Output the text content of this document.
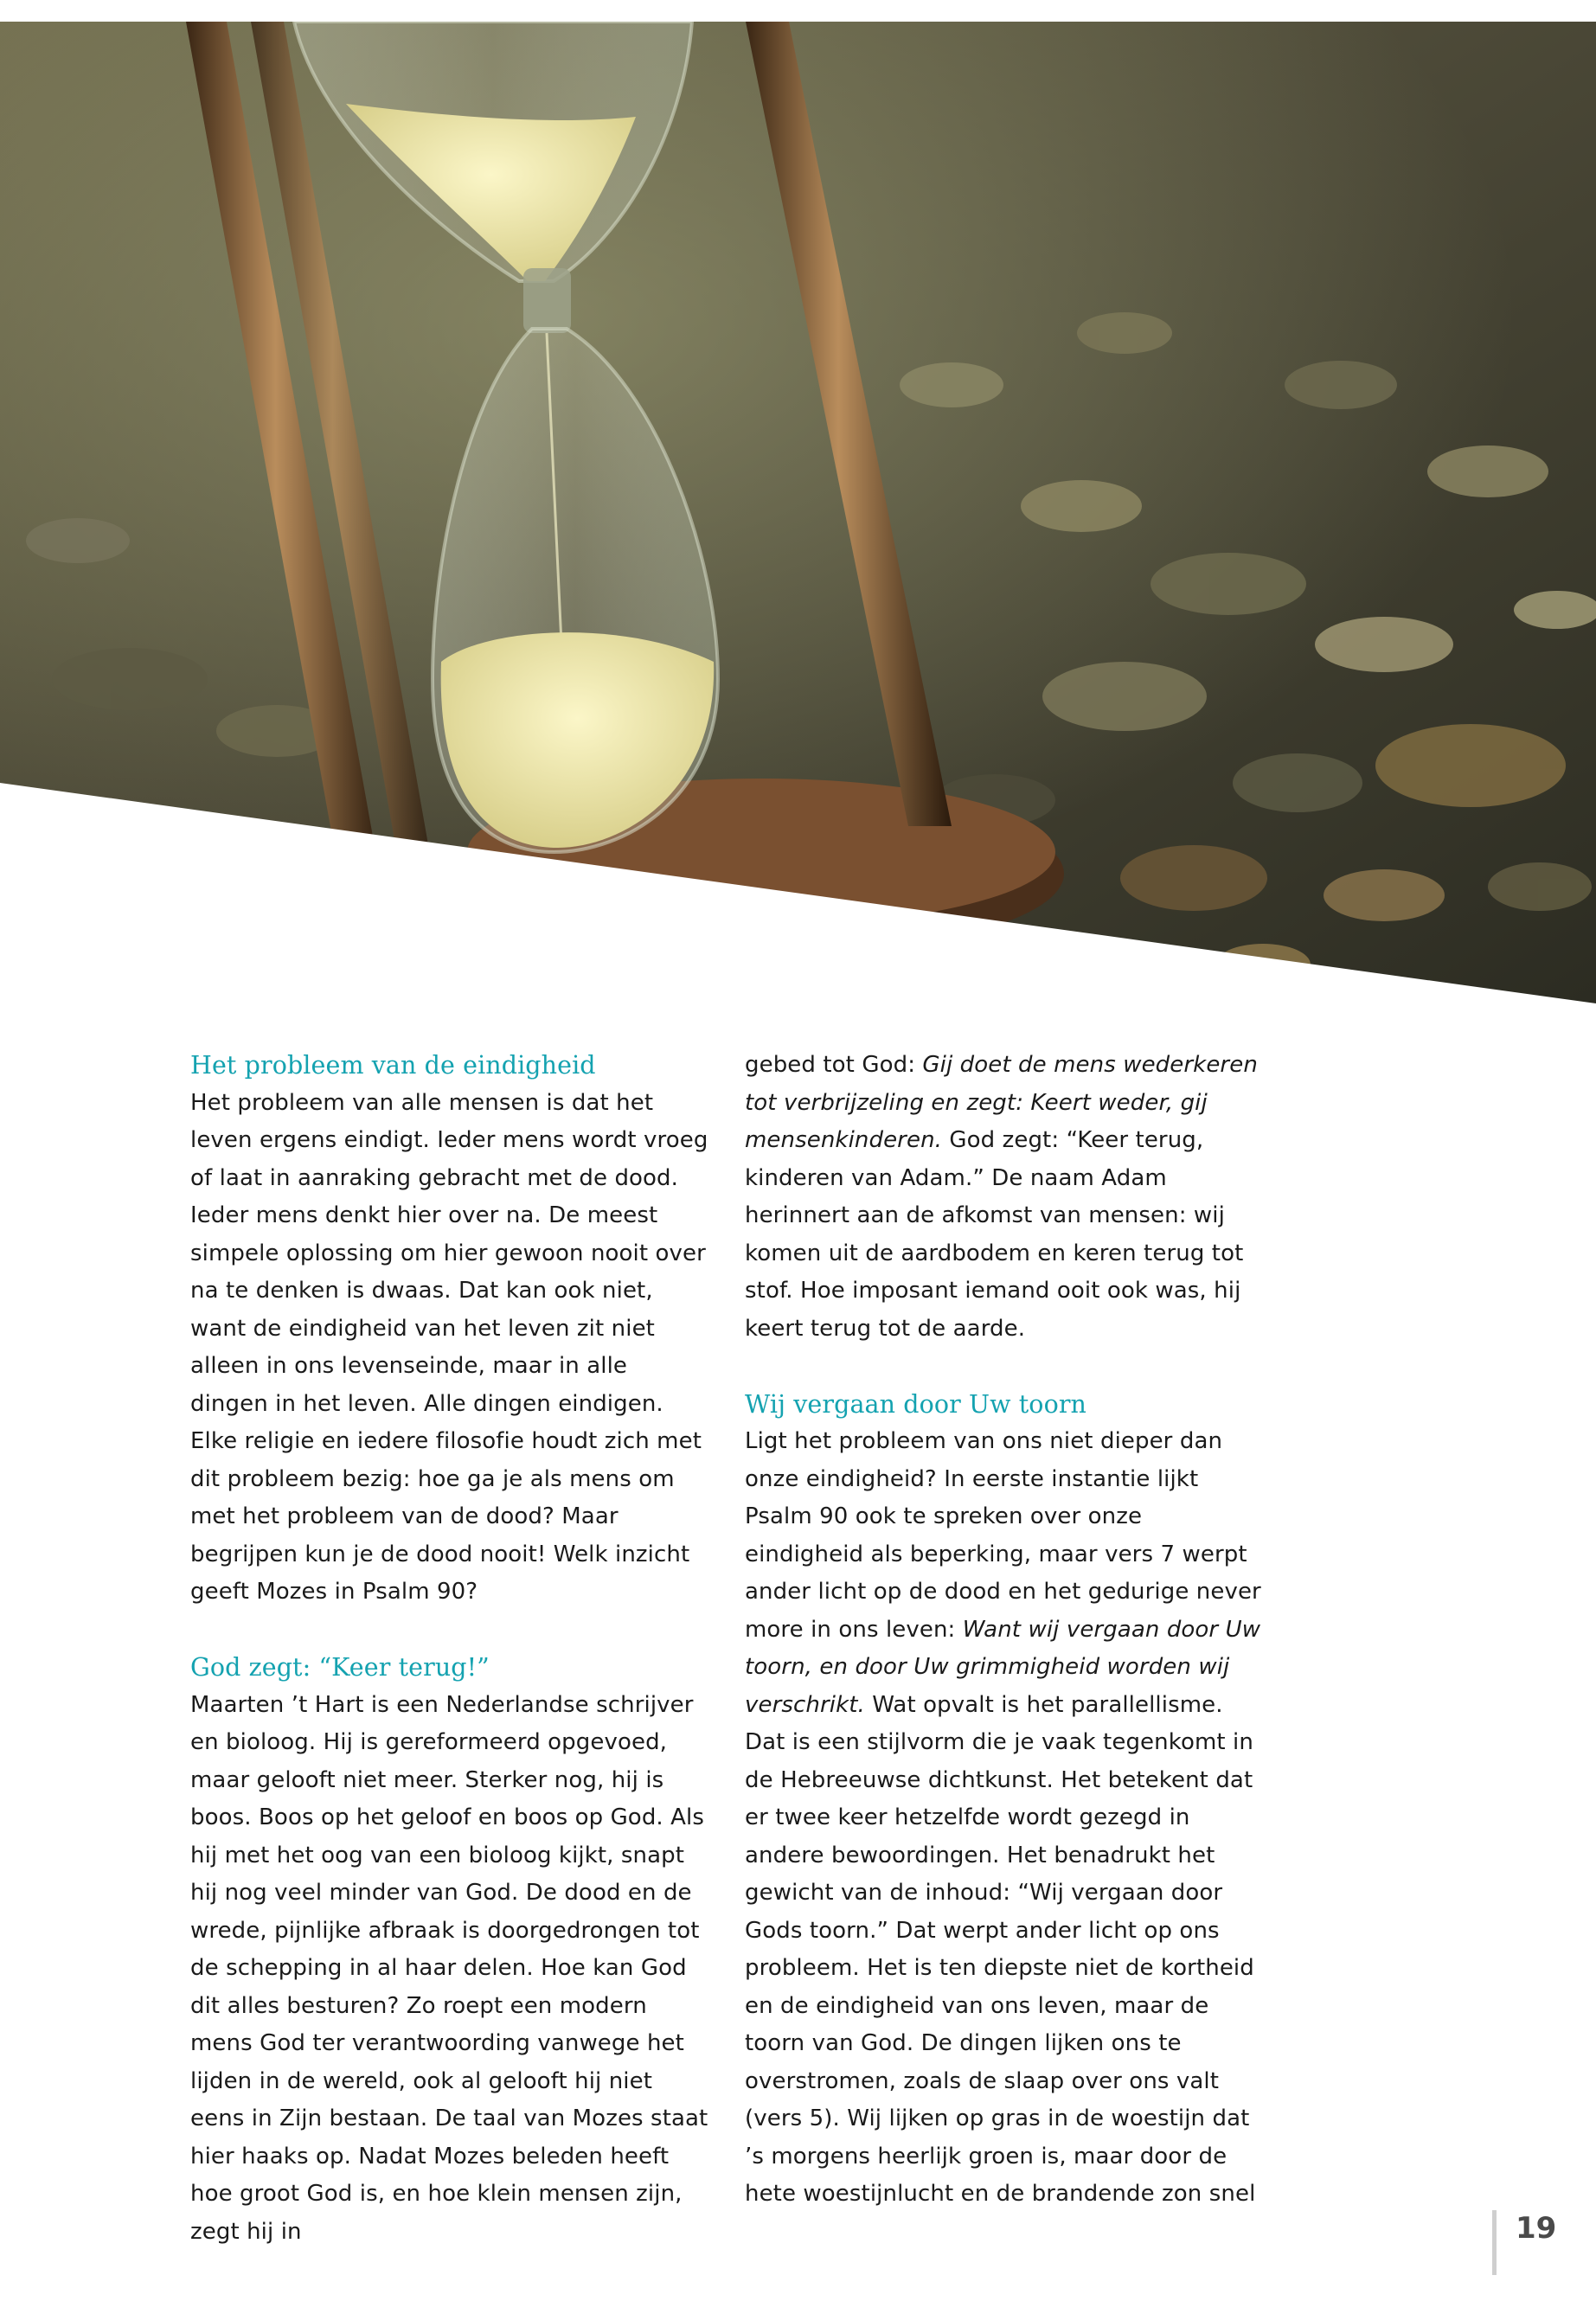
Het probleem van de eindigheid

Het probleem van alle mensen is dat het leven ergens eindigt. Ieder mens wordt vroeg of laat in aanraking gebracht met de dood. Ieder mens denkt hier over na. De meest simpele oplossing om hier gewoon nooit over na te denken is dwaas. Dat kan ook niet, want de eindigheid van het leven zit niet alleen in ons levenseinde, maar in alle dingen in het leven. Alle dingen eindigen. Elke religie en iedere filosofie houdt zich met dit probleem bezig: hoe ga je als mens om met het probleem van de dood? Maar begrijpen kun je de dood nooit! Welk inzicht geeft Mozes in Psalm 90?

God zegt: “Keer terug!”

Maarten ’t Hart is een Nederlandse schrijver en bioloog. Hij is gereformeerd opgevoed, maar gelooft niet meer. Sterker nog, hij is boos. Boos op het geloof en boos op God. Als hij met het oog van een bioloog kijkt, snapt hij nog veel minder van God. De dood en de wrede, pijnlijke afbraak is doorgedrongen tot de schepping in al haar delen. Hoe kan God dit alles besturen? Zo roept een modern mens God ter verantwoording vanwege het lijden in de wereld, ook al gelooft hij niet eens in Zijn bestaan. De taal van Mozes staat hier haaks op. Nadat Mozes beleden heeft hoe groot God is, en hoe klein mensen zijn, zegt hij in

gebed tot God: Gij doet de mens wederkeren tot verbrijzeling en zegt: Keert weder, gij mensenkinderen. God zegt: “Keer terug, kinderen van Adam.” De naam Adam herinnert aan de afkomst van mensen: wij komen uit de aardbodem en keren terug tot stof. Hoe imposant iemand ooit ook was, hij keert terug tot de aarde.

Wij vergaan door Uw toorn

Ligt het probleem van ons niet dieper dan onze eindigheid? In eerste instantie lijkt Psalm 90 ook te spreken over onze eindigheid als beperking, maar vers 7 werpt ander licht op de dood en het gedurige never more in ons leven: Want wij vergaan door Uw toorn, en door Uw grimmigheid worden wij verschrikt. Wat opvalt is het parallellisme. Dat is een stijlvorm die je vaak tegenkomt in de Hebreeuwse dichtkunst. Het betekent dat er twee keer hetzelfde wordt gezegd in andere bewoordingen. Het benadrukt het gewicht van de inhoud: “Wij vergaan door Gods toorn.” Dat werpt ander licht op ons probleem. Het is ten diepste niet de kortheid en de eindigheid van ons leven, maar de toorn van God. De dingen lijken ons te overstromen, zoals de slaap over ons valt (vers 5). Wij lijken op gras in de woestijn dat ’s morgens heerlijk groen is, maar door de hete woestijnlucht en de brandende zon snel

19
